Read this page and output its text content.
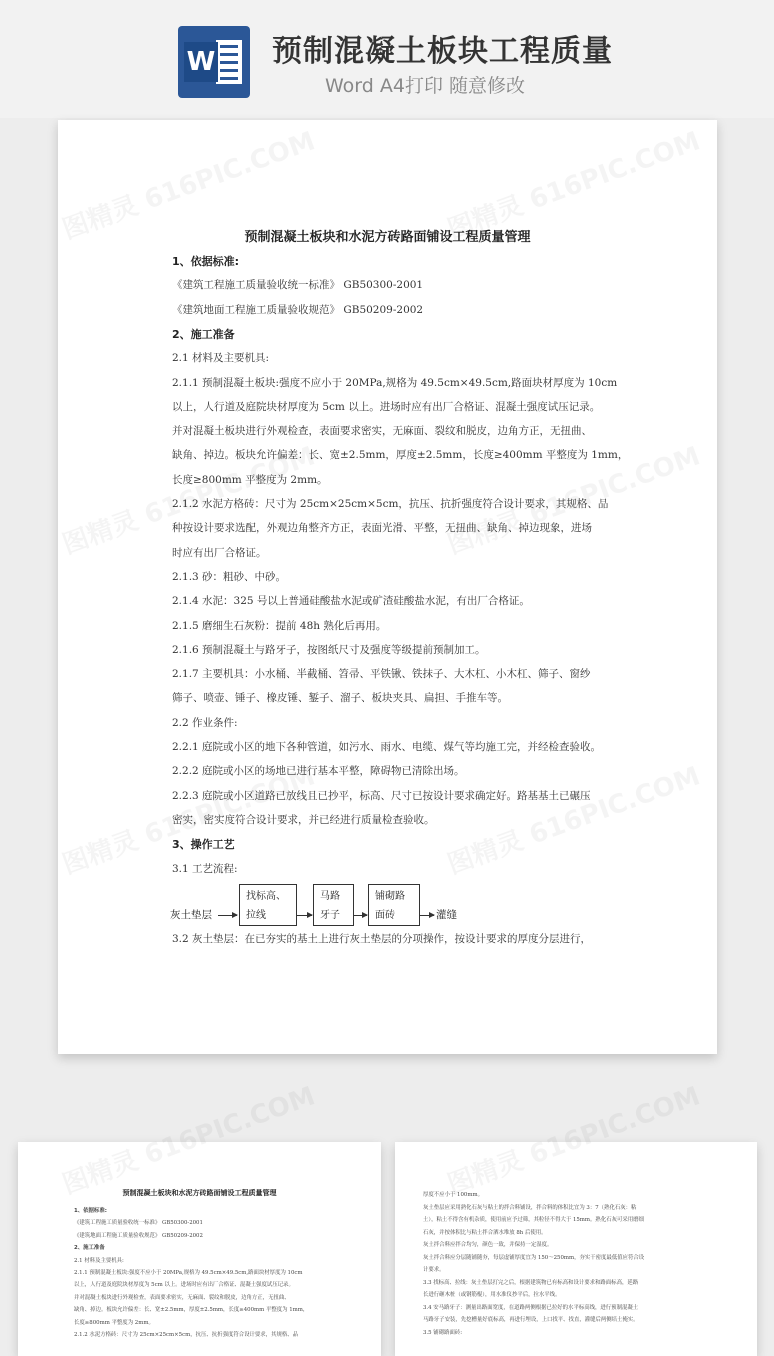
W 预制混凝土板块工程质量
Word A4打印 随意修改
预制混凝土板块和水泥方砖路面铺设工程质量管理
1、依据标准:
《建筑工程施工质量验收统一标准》 GB50300-2001
《建筑地面工程施工质量验收规范》 GB50209-2002
2、施工准备
2.1 材料及主要机具:
2.1.1 预制混凝土板块:强度不应小于 20MPa,规格为 49.5cm×49.5cm,路面块材厚度为 10cm
以上，人行道及庭院块材厚度为 5cm 以上。进场时应有出厂合格证、混凝土强度试压记录。
并对混凝土板块进行外观检查，表面要求密实，无麻面、裂纹和脱皮，边角方正，无扭曲、
缺角、掉边。板块允许偏差：长、宽±2.5mm，厚度±2.5mm，长度≥400mm 平整度为 1mm，
长度≥800mm 平整度为 2mm。
2.1.2 水泥方格砖：尺寸为 25cm×25cm×5cm，抗压、抗折强度符合设计要求，其规格、品
种按设计要求选配，外观边角整齐方正，表面光滑、平整，无扭曲、缺角、掉边现象，进场
时应有出厂合格证。
2.1.3 砂：粗砂、中砂。
2.1.4 水泥：325 号以上普通硅酸盐水泥或矿渣硅酸盐水泥，有出厂合格证。
2.1.5 磨细生石灰粉：提前 48h 熟化后再用。
2.1.6 预制混凝土与路牙子，按图纸尺寸及强度等级提前预制加工。
2.1.7 主要机具：小水桶、半截桶、笤帚、平铁锹、铁抹子、大木杠、小木杠、筛子、窗纱
筛子、喷壶、锤子、橡皮锤、錾子、溜子、板块夹具、扁担、手推车等。
2.2 作业条件:
2.2.1 庭院或小区的地下各种管道，如污水、雨水、电缆、煤气等均施工完，并经检查验收。
2.2.2 庭院或小区的场地已进行基本平整，障碍物已清除出场。
2.2.3 庭院或小区道路已放线且已抄平，标高、尺寸已按设计要求确定好。路基基土已碾压
密实，密实度符合设计要求，并已经进行质量检查验收。
3、操作工艺
3.1 工艺流程:
灰土垫层
找标高、
拉线
马路
牙子
铺砌路
面砖	灌缝
3.2 灰土垫层：在已夯实的基土上进行灰土垫层的分项操作，按设计要求的厚度分层进行，
预制混凝土板块和水泥方砖路面铺设工程质量管理
1、依据标准:
《建筑工程施工质量验收统一标准》 GB50300-2001
《建筑地面工程施工质量验收规范》 GB50209-2002
2、施工准备
2.1 材料及主要机具:
2.1.1 预制混凝土板块:强度不应小于 20MPa,规格为 49.5cm×49.5cm,路面块材厚度为 10cm
以上，人行道及庭院块材厚度为 5cm 以上。进场时应有出厂合格证、混凝土强度试压记录。
并对混凝土板块进行外观检查，表面要求密实，无麻面、裂纹和脱皮，边角方正，无扭曲、
缺角、掉边。板块允许偏差：长、宽±2.5mm，厚度±2.5mm，长度≥400mm 平整度为 1mm，
长度≥800mm 平整度为 2mm。
2.1.2 水泥方格砖：尺寸为 25cm×25cm×5cm，抗压、抗折强度符合设计要求，其规格、品
厚度不应小于 100mm。
灰土垫层应采用熟化石灰与粘土的拌合料铺设，拌合料的体积比宜为 3：7（熟化石灰：粘
土），粘土不得含有机杂质，使用前应予过筛，其粒径不得大于 15mm。熟化石灰可采用磨细
石灰，并按体积比与粘土拌合洒水堆放 8h 后使用。
灰土拌合料应拌合均匀，颜色一致，并保持一定湿度。
灰土拌合料应分层随铺随夯，每层虚铺厚度宜为 150～250mm，夯实干密度最低值应符合设
计要求。
3.3 找标高、拉线：灰土垫层打完之后，根据建筑物已有标高和设计要求和路面标高，延路
长进行砸木桩（或钢筋棍），用水准仪抄平后，拉水平线。
3.4 安马路牙子：测量出路面宽度，在道路两侧根据已拉好的水平标高线，进行预制混凝土
马路牙子安装，先挖槽量好底标高，再进行埋设，上口找平、找直，灌缝后两侧培土掩实。
3.5 铺砌路面砖:
